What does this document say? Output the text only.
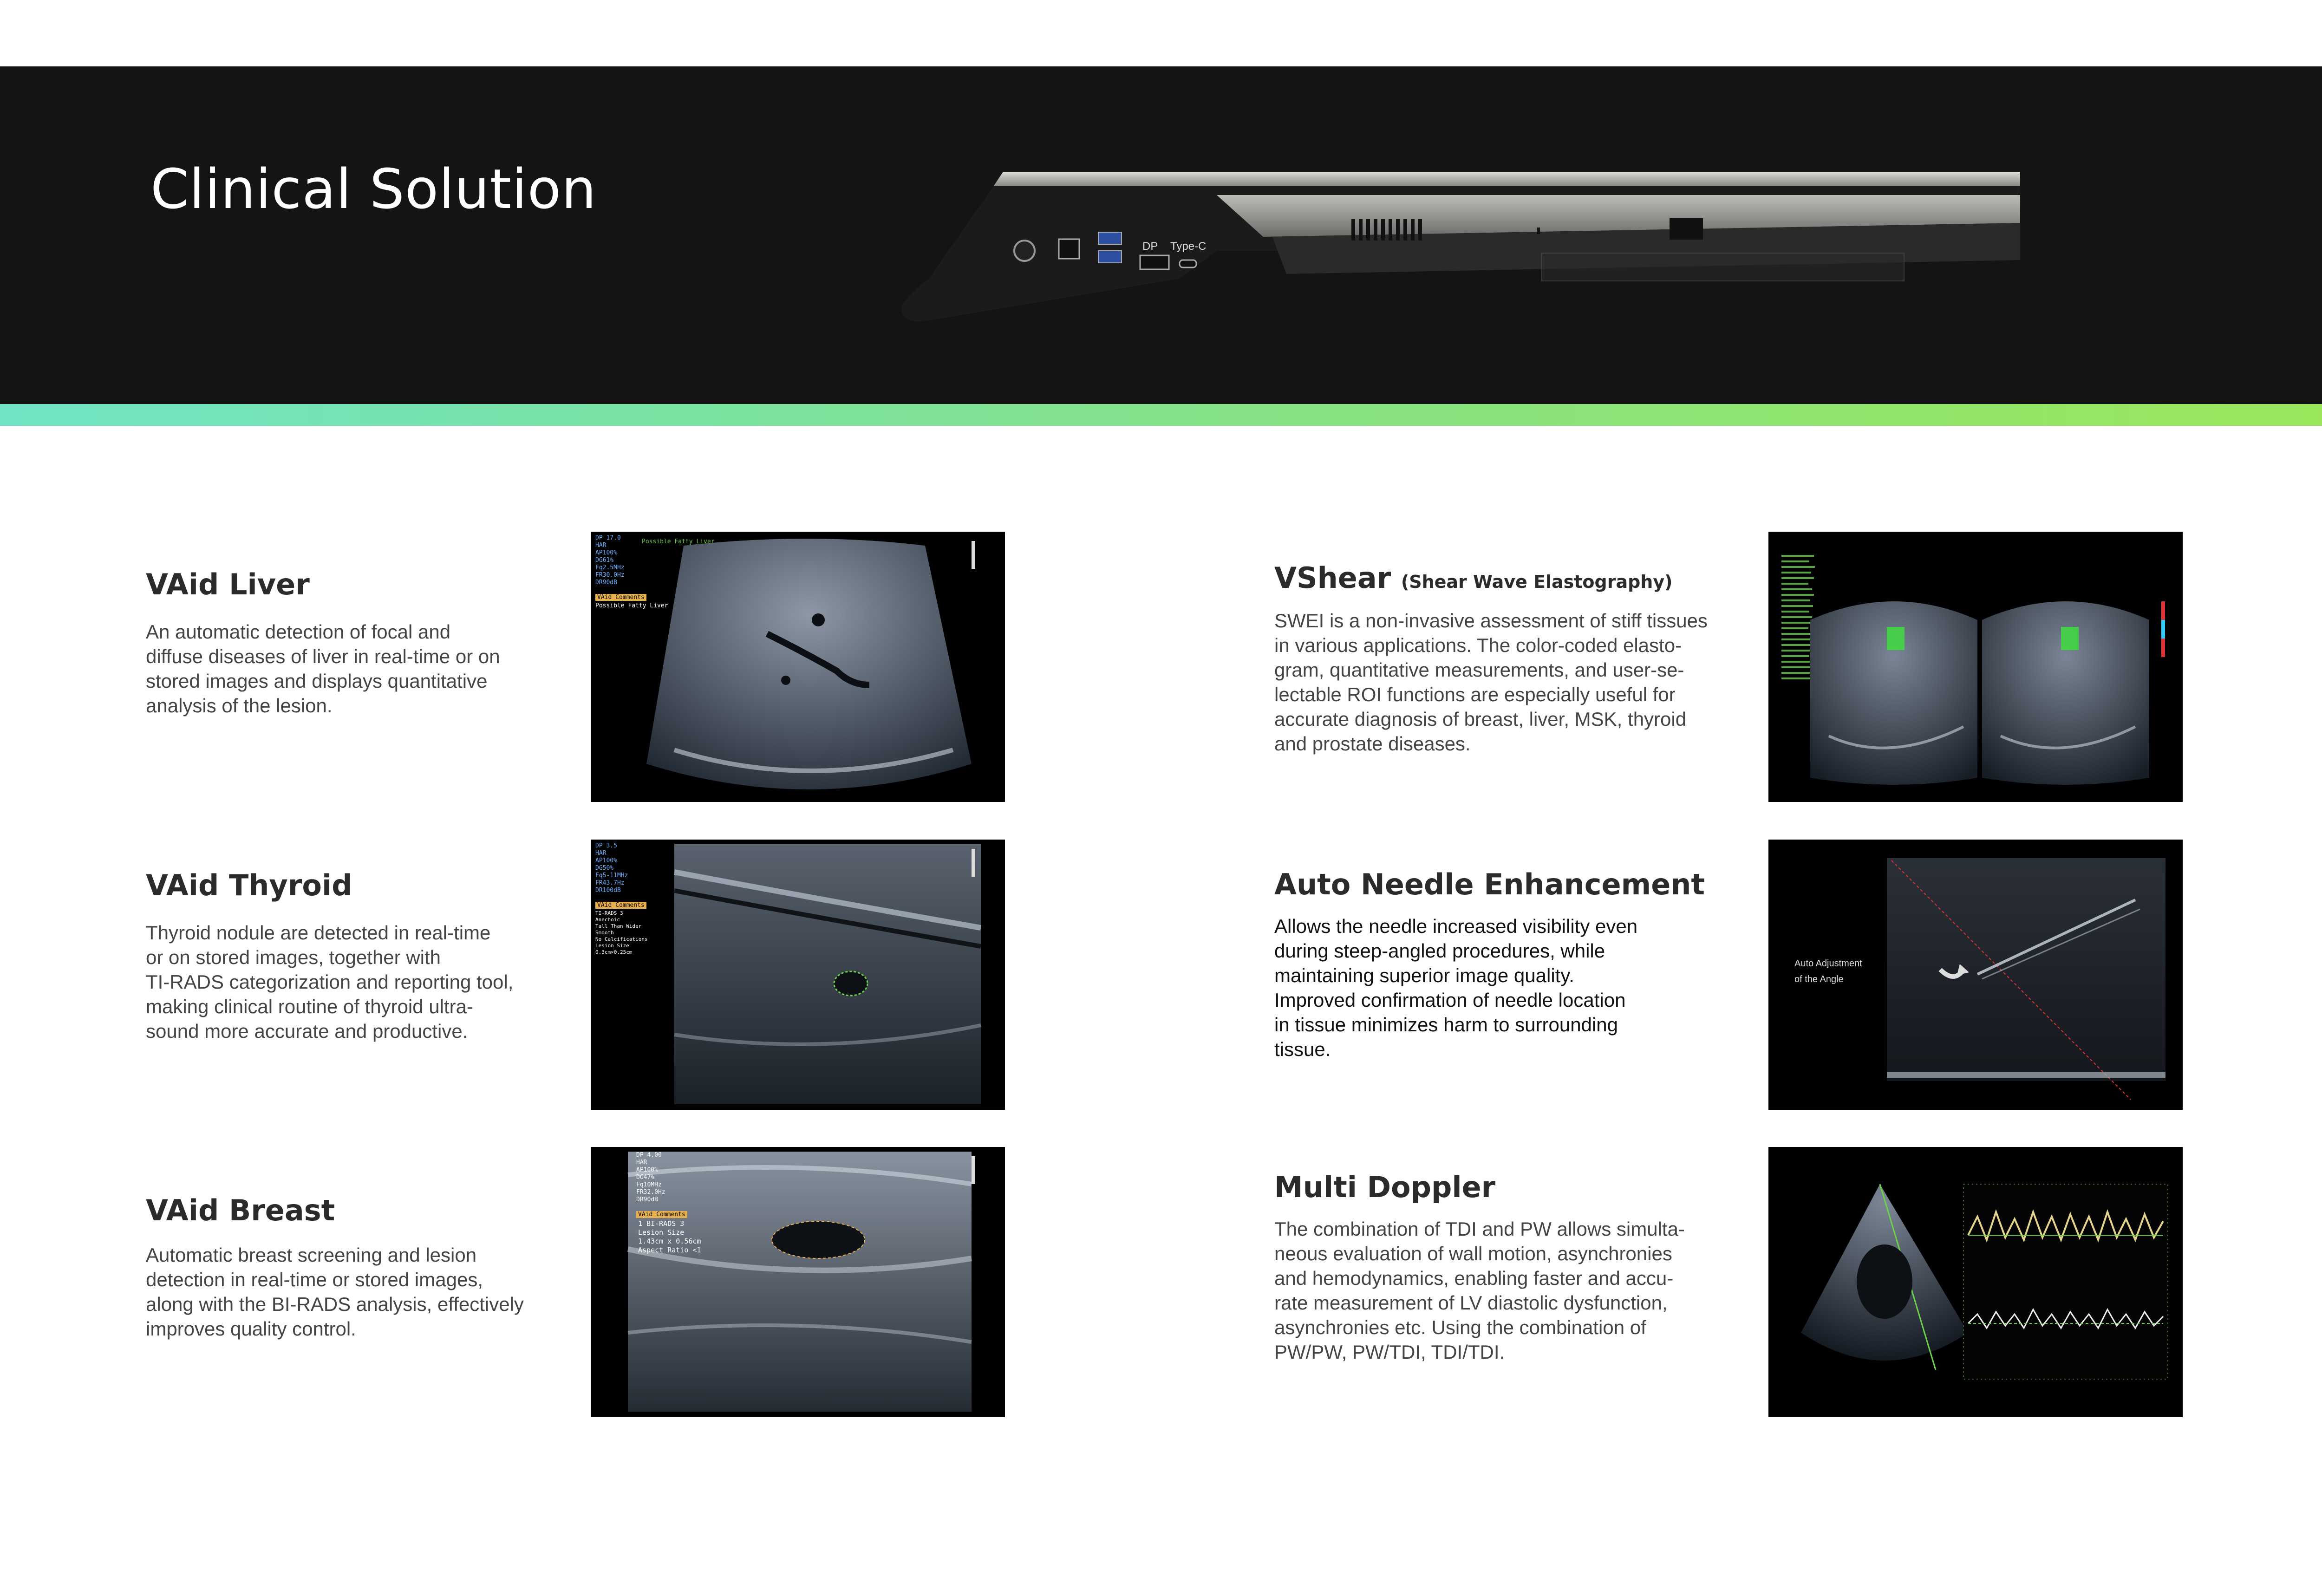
Clinical Solution
DP Type-C
VAid Liver
An automatic detection of focal and
diffuse diseases of liver in real-time or on
stored images and displays quantitative
analysis of the lesion.
DP 17.0
HAR
AP100%
DG61%
Fq2.5MHz
FR30.0Hz
DR90dB
Possible Fatty Liver
VAid Comments
Possible Fatty Liver
VAid Thyroid
Thyroid nodule are detected in real-time
or on stored images, together with
TI-RADS categorization and reporting tool,
making clinical routine of thyroid ultra-
sound more accurate and productive.
DP 3.5
HAR
AP100%
DG50%
Fq5-11MHz
FR43.7Hz
DR100dB
VAid Comments
TI-RADS 3
Anechoic
Tall Than Wider
Smooth
No Calcifications
Lesion Size
0.3cm×0.25cm
VAid Breast
Automatic breast screening and lesion
detection in real-time or stored images,
along with the BI-RADS analysis, effectively
improves quality control.
DP 4.00
HAR
AP100%
DG47%
Fq10MHz
FR32.0Hz
DR90dB
VAid Comments
1 BI-RADS 3
Lesion Size
1.43cm x 0.56cm
Aspect Ratio <1
VShear (Shear Wave Elastography)
SWEI is a non-invasive assessment of stiff tissues
in various applications. The color-coded elasto-
gram, quantitative measurements, and user-se-
lectable ROI functions are especially useful for
accurate diagnosis of breast, liver, MSK, thyroid
and prostate diseases.
Auto Needle Enhancement
Allows the needle increased visibility even
during steep-angled procedures, while
maintaining superior image quality.
Improved confirmation of needle location
in tissue minimizes harm to surrounding
tissue.
Auto Adjustment
of the Angle
Multi Doppler
The combination of TDI and PW allows simulta-
neous evaluation of wall motion, asynchronies
and hemodynamics, enabling faster and accu-
rate measurement of LV diastolic dysfunction,
asynchronies etc. Using the combination of
PW/PW, PW/TDI, TDI/TDI.
